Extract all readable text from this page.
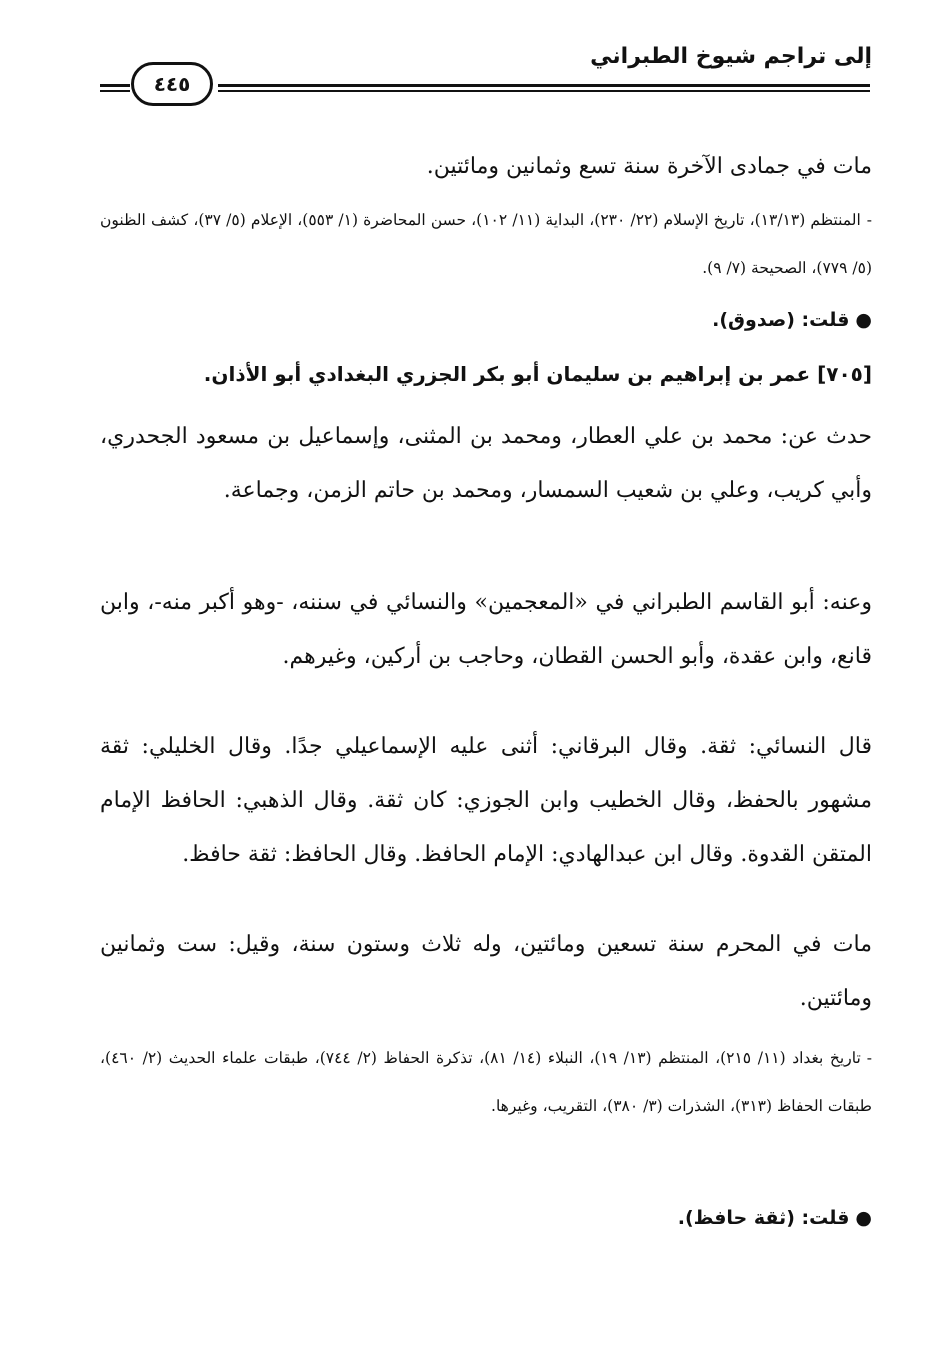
إلى تراجم شيوخ الطبراني
٤٤٥
مات في جمادى الآخرة سنة تسع وثمانين ومائتين.
-المنتظم (١٣/١٣)، تاريخ الإسلام (٢٢/ ٢٣٠)، البداية (١١/ ١٠٢)، حسن المحاضرة (١/ ٥٥٣)، الإعلام (٥/ ٣٧)، كشف الظنون (٥/ ٧٧٩)، الصحيحة (٧/ ٩).
●قلت: (صدوق).
[٧٠٥] عمر بن إبراهيم بن سليمان أبو بكر الجزري البغدادي أبو الأذان.
حدث عن: محمد بن علي العطار، ومحمد بن المثنى، وإسماعيل بن مسعود الجحدري، وأبي كريب، وعلي بن شعيب السمسار، ومحمد بن حاتم الزمن، وجماعة.
وعنه: أبو القاسم الطبراني في «المعجمين» والنسائي في سننه، -وهو أكبر منه-، وابن قانع، وابن عقدة، وأبو الحسن القطان، وحاجب بن أركين، وغيرهم.
قال النسائي: ثقة. وقال البرقاني: أثنى عليه الإسماعيلي جدًا. وقال الخليلي: ثقة مشهور بالحفظ، وقال الخطيب وابن الجوزي: كان ثقة. وقال الذهبي: الحافظ الإمام المتقن القدوة. وقال ابن عبدالهادي: الإمام الحافظ. وقال الحافظ: ثقة حافظ.
مات في المحرم سنة تسعين ومائتين، وله ثلاث وستون سنة، وقيل: ست وثمانين ومائتين.
-تاريخ بغداد (١١/ ٢١٥)، المنتظم (١٣/ ١٩)، النبلاء (١٤/ ٨١)، تذكرة الحفاظ (٢/ ٧٤٤)، طبقات علماء الحديث (٢/ ٤٦٠)، طبقات الحفاظ (٣١٣)، الشذرات (٣/ ٣٨٠)، التقريب، وغيرها.
●قلت: (ثقة حافظ).
